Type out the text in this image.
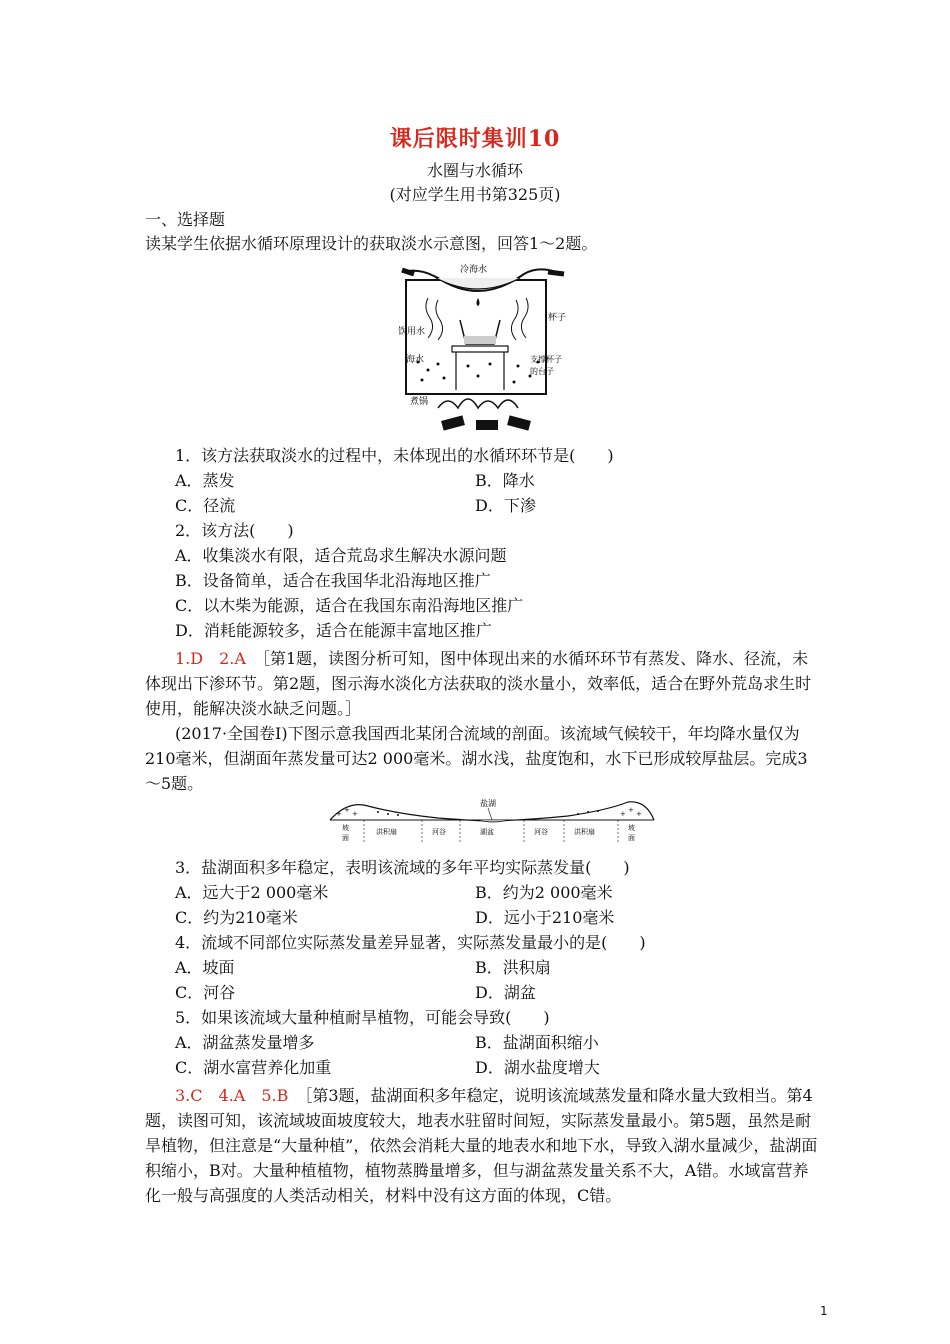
课后限时集训10
水圈与水循环
(对应学生用书第325页)
一、选择题
读某学生依据水循环原理设计的获取淡水示意图，回答1～2题。
冷海水
杯子
饮用水
海水	支撑杯子
的台子
煮锅
1．该方法获取淡水的过程中，未体现出的水循环环节是(　　)
A．蒸发	B．降水
C．径流	D．下渗
2．该方法(　　)
A．收集淡水有限，适合荒岛求生解决水源问题
B．设备简单，适合在我国华北沿海地区推广
C．以木柴为能源，适合在我国东南沿海地区推广
D．消耗能源较多，适合在能源丰富地区推广
1.D　2.A　 ［第1题，读图分析可知，图中体现出来的水循环环节有蒸发、降水、径流，未体现出下渗环节。第2题，图示海水淡化方法获取的淡水量小，效率低，适合在野外荒岛求生时使用，能解决淡水缺乏问题。］
(2017·全国卷Ⅰ)下图示意我国西北某闭合流域的剖面。该流域气候较干，年均降水量仅为210毫米，但湖面年蒸发量可达2 000毫米。湖水浅，盐度饱和，水下已形成较厚盐层。完成3～5题。
+ + +	+ +
+
盐湖
坡
面
洪积扇	河谷	湖盆	河谷	洪积扇	坡
面
3．盐湖面积多年稳定，表明该流域的多年平均实际蒸发量(　　)
A．远大于2 000毫米	B．约为2 000毫米
C．约为210毫米	D．远小于210毫米
4．流域不同部位实际蒸发量差异显著，实际蒸发量最小的是(　　)
A．坡面	B．洪积扇
C．河谷	D．湖盆
5．如果该流域大量种植耐旱植物，可能会导致(　　)
A．湖盆蒸发量增多	B．盐湖面积缩小
C．湖水富营养化加重	D．湖水盐度增大
3.C　4.A　5.B　 ［第3题，盐湖面积多年稳定，说明该流域蒸发量和降水量大致相当。第4题，读图可知，该流域坡面坡度较大，地表水驻留时间短，实际蒸发量最小。第5题，虽然是耐旱植物，但注意是“大量种植”，依然会消耗大量的地表水和地下水，导致入湖水量减少，盐湖面积缩小，B对。大量种植植物，植物蒸腾量增多，但与湖盆蒸发量关系不大，A错。水域富营养化一般与高强度的人类活动相关，材料中没有这方面的体现，C错。
1
